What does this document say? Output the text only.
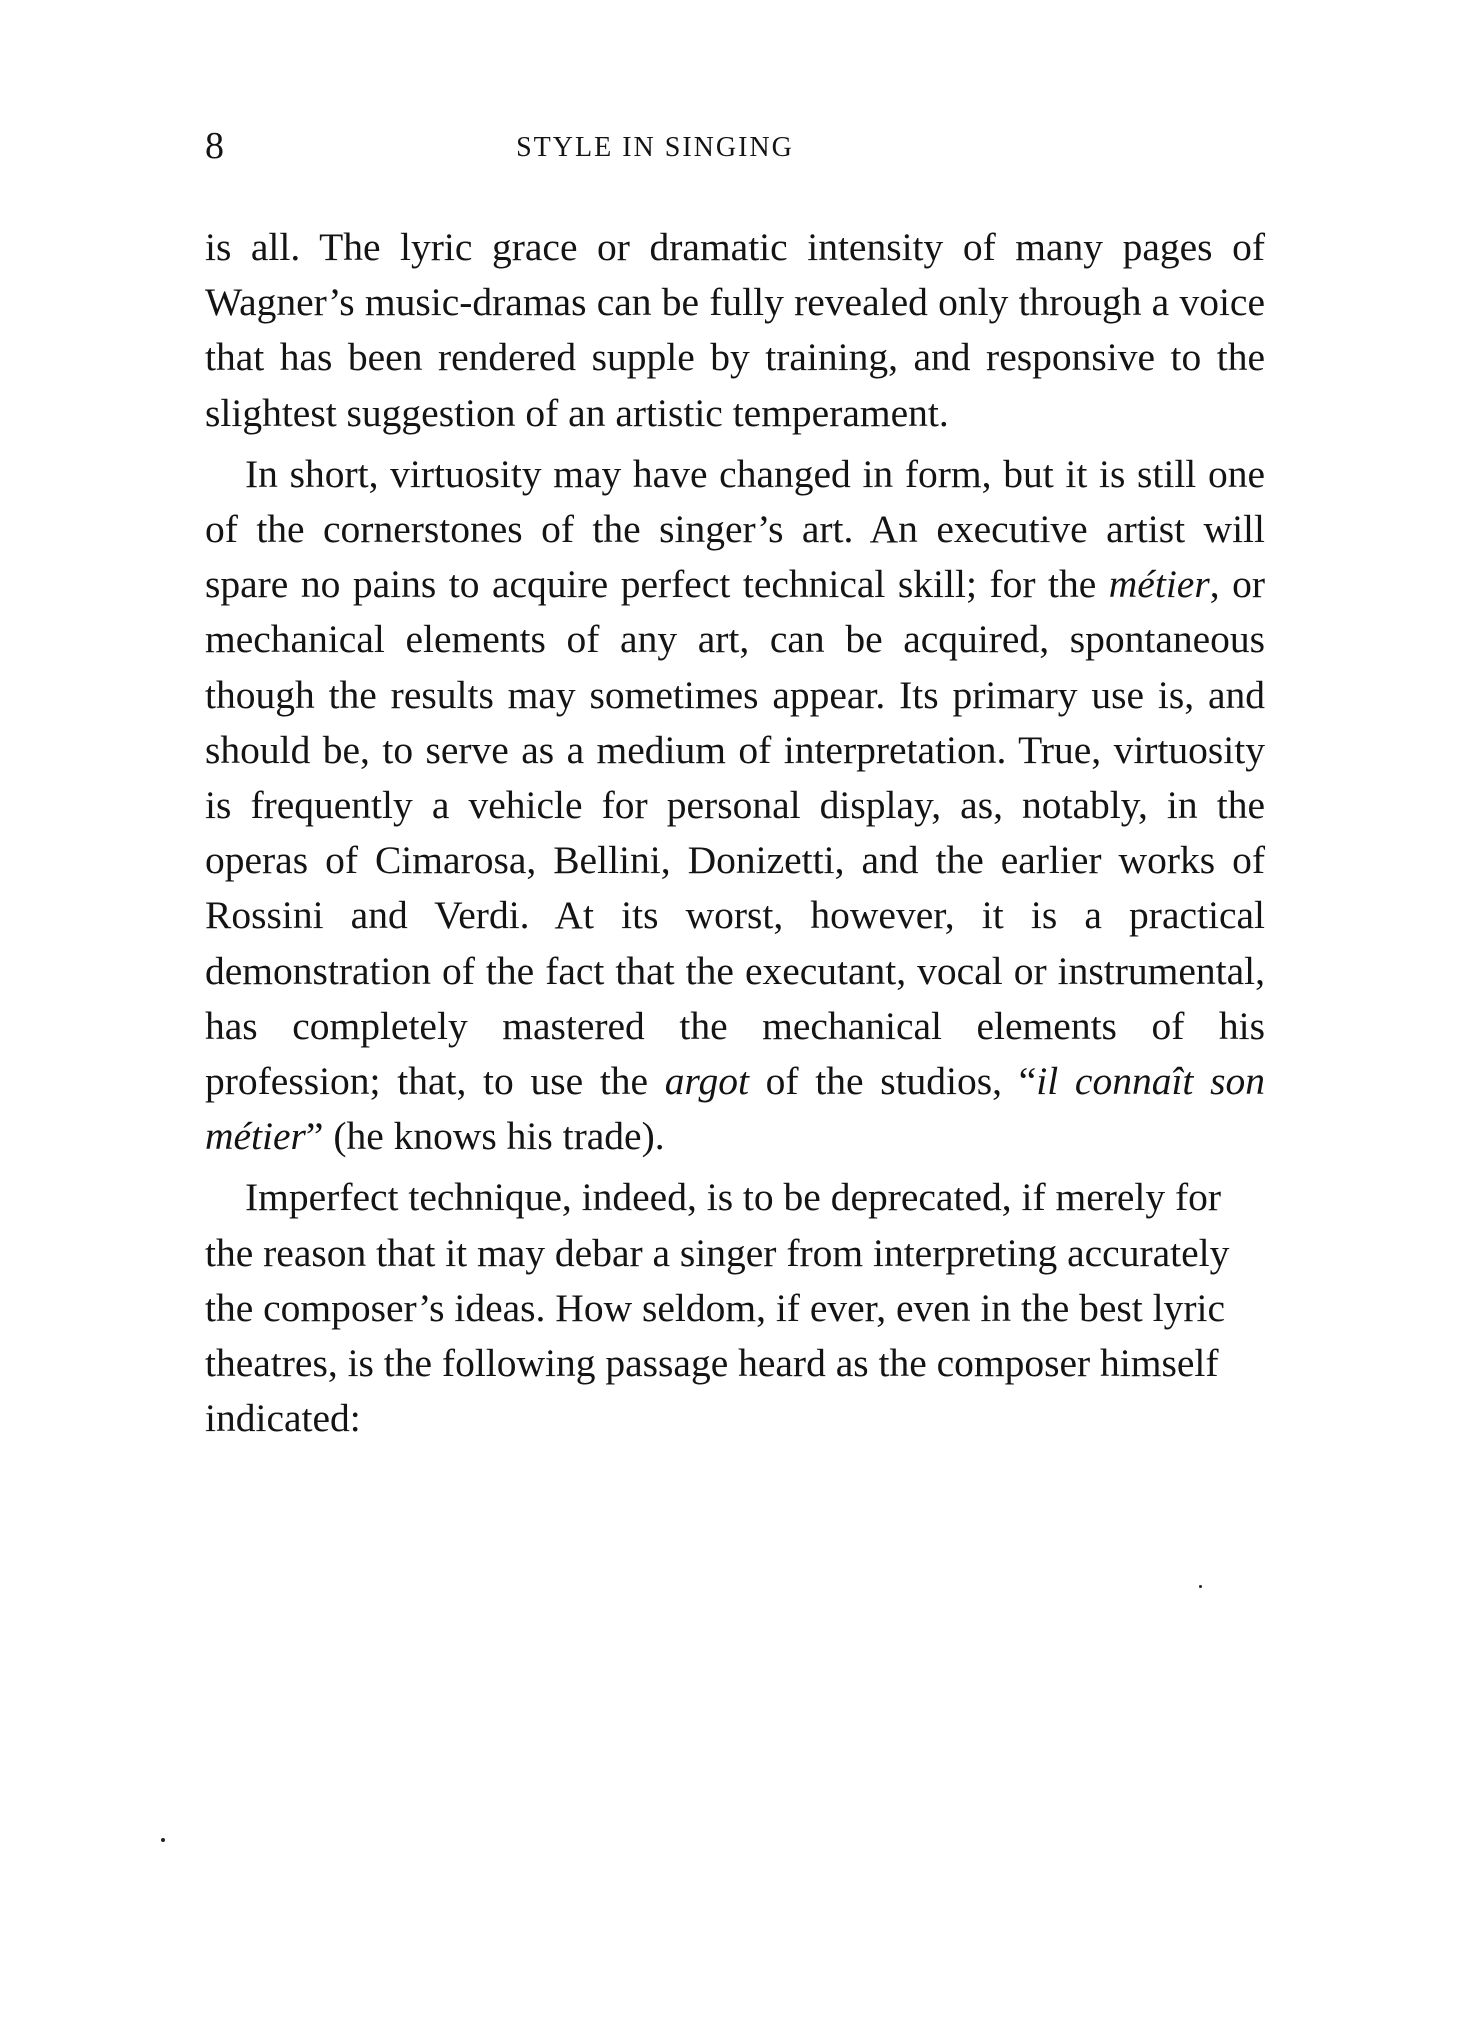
8	STYLE IN SINGING

is all. The lyric grace or dramatic intensity of many pages of Wagner’s music-dramas can be fully revealed only through a voice that has been rendered supple by training, and responsive to the slightest suggestion of an artistic temperament.

In short, virtuosity may have changed in form, but it is still one of the cornerstones of the singer’s art. An executive artist will spare no pains to acquire perfect technical skill; for the métier, or mechanical elements of any art, can be acquired, spontaneous though the results may sometimes appear. Its primary use is, and should be, to serve as a medium of interpretation. True, virtuosity is frequently a vehicle for personal display, as, notably, in the operas of Cimarosa, Bellini, Donizetti, and the earlier works of Rossini and Verdi. At its worst, however, it is a practical demonstration of the fact that the executant, vocal or instrumental, has completely mastered the mechanical elements of his profession; that, to use the argot of the studios, “il connaît son métier” (he knows his trade).

Imperfect technique, indeed, is to be deprecated, if merely for the reason that it may debar a singer from interpreting accurately the composer’s ideas. How seldom, if ever, even in the best lyric theatres, is the following passage heard as the composer himself indicated:
